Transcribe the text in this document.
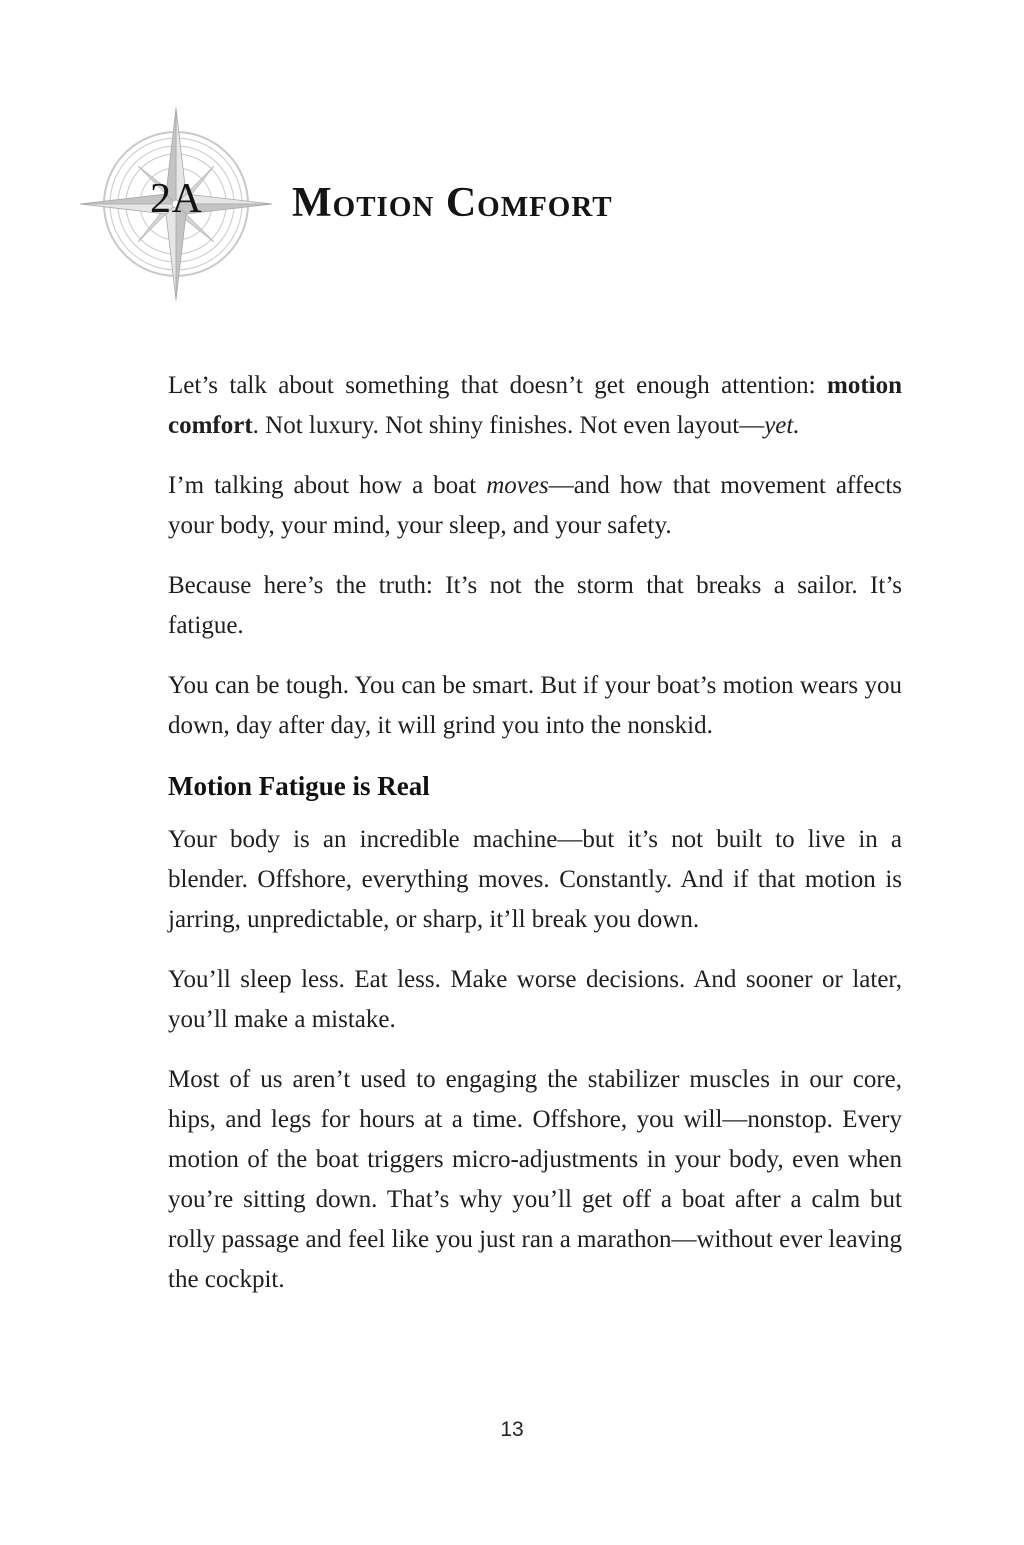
2A Motion Comfort

Let’s talk about something that doesn’t get enough attention: motion comfort. Not luxury. Not shiny finishes. Not even layout—yet.

I’m talking about how a boat moves—and how that movement affects your body, your mind, your sleep, and your safety.

Because here’s the truth: It’s not the storm that breaks a sailor. It’s fatigue.

You can be tough. You can be smart. But if your boat’s motion wears you down, day after day, it will grind you into the nonskid.

Motion Fatigue is Real

Your body is an incredible machine—but it’s not built to live in a blender. Offshore, everything moves. Constantly. And if that motion is jarring, unpredictable, or sharp, it’ll break you down.

You’ll sleep less. Eat less. Make worse decisions. And sooner or later, you’ll make a mistake.

Most of us aren’t used to engaging the stabilizer muscles in our core, hips, and legs for hours at a time. Offshore, you will—nonstop. Every motion of the boat triggers micro-adjustments in your body, even when you’re sitting down. That’s why you’ll get off a boat after a calm but rolly passage and feel like you just ran a marathon—without ever leaving the cockpit.

13
